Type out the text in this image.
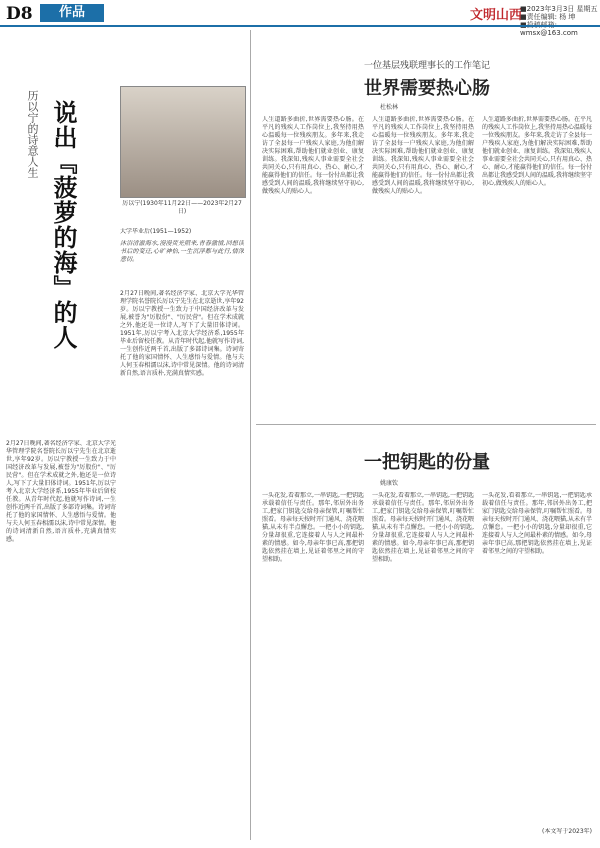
D8	作品	文明山西
■2023年3月3日 星期五
■责任编辑: 杨 坤
wmsx@163.com
历以宁的诗意人生 说出『菠萝的海』的人	厉以宁(1930年11月22日——2023年2月27日)
大学毕业后(1951—1952)
沐浴清澈海水,漫漫荧光照来,青春激情,回想读书后的变迁,心旷神怡,一生沉浮都与此行,情深意切。
2月27日晚间,著名经济学家、北京大学光华管理学院名誉院长厉以宁先生在北京逝世,享年92岁。厉以宁教授一生致力于中国经济改革与发展,被誉为"厉股份"、"厉民营"。但在学术成就之外,他还是一位诗人,写下了大量旧体诗词。1951年,厉以宁考入北京大学经济系,1955年毕业后留校任教。从青年时代起,他就写作诗词,一生创作近两千首,出版了多部诗词集。诗词寄托了他的家国情怀、人生感悟与爱情。他与夫人何玉春相濡以沫,诗中常见深情。他的诗词清新自然,语言质朴,充满真情实感。
2月27日晚间,著名经济学家、北京大学光华管理学院名誉院长厉以宁先生在北京逝世,享年92岁。厉以宁教授一生致力于中国经济改革与发展,被誉为"厉股份"、"厉民营"。但在学术成就之外,他还是一位诗人,写下了大量旧体诗词。1951年,厉以宁考入北京大学经济系,1955年毕业后留校任教。从青年时代起,他就写作诗词,一生创作近两千首,出版了多部诗词集。诗词寄托了他的家国情怀、人生感悟与爱情。他与夫人何玉春相濡以沫,诗中常见深情。他的诗词清新自然,语言质朴,充满真情实感。
一位基层残联理事长的工作笔记
世界需要热心肠
杜松林
人生道路多曲折,世界需要热心肠。在平凡的残疾人工作岗位上,我坚持用热心温暖每一位残疾朋友。多年来,我走访了全县每一户残疾人家庭,为他们解决实际困难,帮助他们就业创业、康复训练。我深知,残疾人事业需要全社会共同关心,只有用真心、热心、耐心,才能赢得他们的信任。每一份付出都让我感受到人间的温暖,我将继续坚守初心,做残疾人的贴心人。
人生道路多曲折,世界需要热心肠。在平凡的残疾人工作岗位上,我坚持用热心温暖每一位残疾朋友。多年来,我走访了全县每一户残疾人家庭,为他们解决实际困难,帮助他们就业创业、康复训练。我深知,残疾人事业需要全社会共同关心,只有用真心、热心、耐心,才能赢得他们的信任。每一份付出都让我感受到人间的温暖,我将继续坚守初心,做残疾人的贴心人。
人生道路多曲折,世界需要热心肠。在平凡的残疾人工作岗位上,我坚持用热心温暖每一位残疾朋友。多年来,我走访了全县每一户残疾人家庭,为他们解决实际困难,帮助他们就业创业、康复训练。我深知,残疾人事业需要全社会共同关心,只有用真心、热心、耐心,才能赢得他们的信任。每一份付出都让我感受到人间的温暖,我将继续坚守初心,做残疾人的贴心人。
一把钥匙的份量
姚康钦
一头花发,看着那立,一串钥匙,一把钥匙承载着信任与责任。那年,邻居外出务工,把家门钥匙交给母亲保管,叮嘱帮忙照看。母亲每天按时开门通风、浇花喂猫,从未有半点懈怠。一把小小的钥匙,分量却很重,它连接着人与人之间最朴素的情感。如今,母亲年事已高,那把钥匙依然挂在墙上,见证着邻里之间的守望相助。
一头花发,看着那立,一串钥匙,一把钥匙承载着信任与责任。那年,邻居外出务工,把家门钥匙交给母亲保管,叮嘱帮忙照看。母亲每天按时开门通风、浇花喂猫,从未有半点懈怠。一把小小的钥匙,分量却很重,它连接着人与人之间最朴素的情感。如今,母亲年事已高,那把钥匙依然挂在墙上,见证着邻里之间的守望相助。
一头花发,看着那立,一串钥匙,一把钥匙承载着信任与责任。那年,邻居外出务工,把家门钥匙交给母亲保管,叮嘱帮忙照看。母亲每天按时开门通风、浇花喂猫,从未有半点懈怠。一把小小的钥匙,分量却很重,它连接着人与人之间最朴素的情感。如今,母亲年事已高,那把钥匙依然挂在墙上,见证着邻里之间的守望相助。
(本文写于2023年)
